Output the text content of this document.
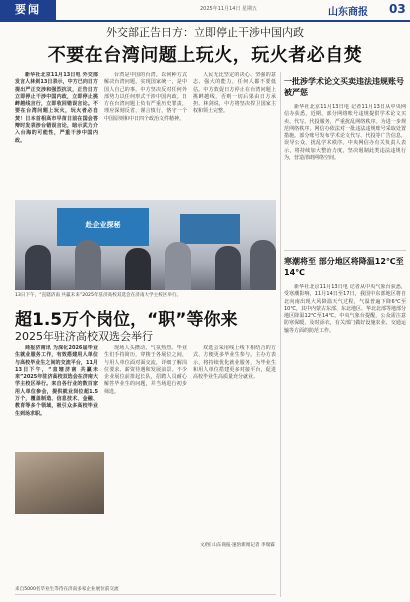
要闻	2025年11月14日 星期五	山东商报 03
外交部正告日方：立即停止干涉中国内政
不要在台湾问题上玩火，玩火者必自焚

新华社北京11月13日电 外交部发言人林剑13日表示，中方已向日方提出严正交涉和强烈抗议，正告日方立即停止干涉中国内政，立即停止挑衅越线言行，立即收回错误言论。不要在台湾问题上玩火，玩火者必自焚！日本首相高市早苗日前在国会答辩时发表涉台错误言论，暗示武力介入台海的可能性，严重干涉中国内政。

台湾是中国的台湾。以何种方式解决台湾问题，实现国家统一，是中国人自己的事。中方坚决反对任何外部势力以任何形式干涉中国内政。日方在台湾问题上负有严重历史罪责，理应深刻反省，谨言慎行，恪守一个中国原则和中日四个政治文件精神。

人民无比坚定的决心、坚强的意志、强大的能力，任何人都不要低估。中方敦促日方停止在台湾问题上挑衅越线，否则一切后果由日方承担。林剑说，中方将坚决捍卫国家主权和领土完整。

赴企业探秘
13日下午，“直辖济南 共赢未来”2025年驻济高校双选会在济南大学主校区举行。
超1.5万个岗位，“职”等你来
2025年驻济高校双选会举行

商报济南讯 为深化2026届毕业生就业服务工作，有效搭建用人单位与高校毕业生之间的交流平台，11月13日下午，“直辖济南 共赢未来”2025年驻济高校双选会在济南大学主校区举行。来自各行业的数百家用人单位参会，提供就业岗位超1.5万个，覆盖制造、信息技术、金融、教育等多个领域，吸引众多高校毕业生到场求职。

现场人头攒动，气氛热烈。毕业生们手持简历，穿梭于各展位之间，与用人单位面对面交流，详细了解岗位要求、薪资待遇和发展前景。不少企业展位前排起长队，招聘人员耐心解答毕业生的问题，并当场进行初步筛选。

双选会采用线上线下相结合的方式，方便更多毕业生参与。主办方表示，将持续优化就业服务，为毕业生和用人单位搭建更多对接平台，促进高校毕业生高质量充分就业。

文/图 山东商报·速豹新闻记者 李瑞霖
来自5000名毕业生等待在济南多家企业展位前交流
一批涉学术论文买卖违法违规账号被严惩

新华社北京11月13日电 记者11月13日从中央网信办获悉，近期，部分网络账号违规提供学术论文买卖、代写、代投服务，严重扰乱网络秩序。为进一步规范网络秩序，网信办依法对一批违法违规账号采取处置措施。部分账号发布学术论文代写、代投等广告信息，误导公众，扰乱学术秩序。中央网信办有关负责人表示，将持续加大整治力度，坚决遏制此类违法违规行为，营造清朗网络空间。

寒潮将至 部分地区将降温12℃至14℃

新华社北京11月13日电 记者从中央气象台获悉，受寒潮影响，11月14日至17日，我国中东部地区将自北向南出现大风降温天气过程，气温普遍下降6℃至10℃，其中内蒙古东部、东北地区、华北北部等地部分地区降温12℃至14℃。中央气象台提醒，公众需注意防寒保暖，及时添衣，有关部门做好设施农业、交通运输等方面的防范工作。
